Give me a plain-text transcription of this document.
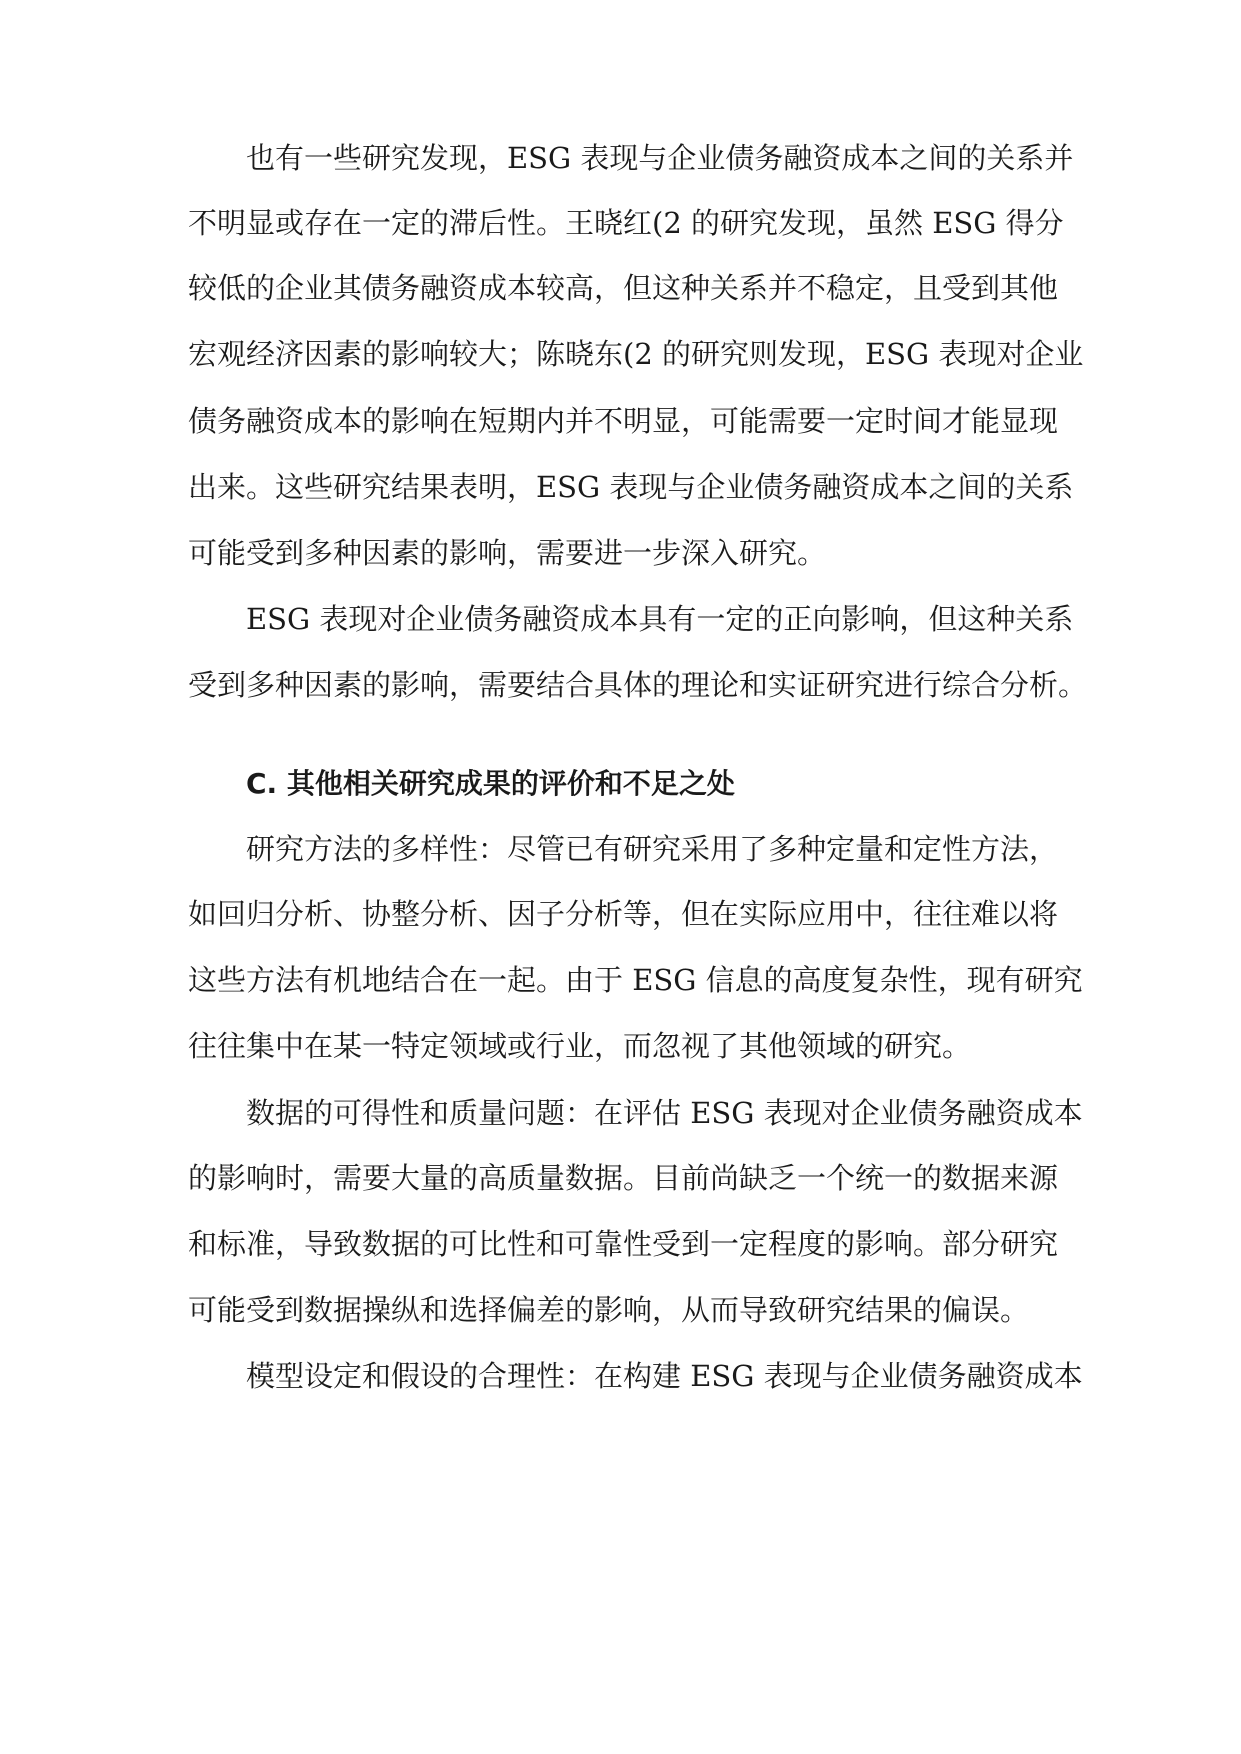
也有一些研究发现，ESG 表现与企业债务融资成本之间的关系并
不明显或存在一定的滞后性。王晓红(2 的研究发现，虽然 ESG 得分
较低的企业其债务融资成本较高，但这种关系并不稳定，且受到其他
宏观经济因素的影响较大；陈晓东(2 的研究则发现，ESG 表现对企业
债务融资成本的影响在短期内并不明显，可能需要一定时间才能显现
出来。这些研究结果表明，ESG 表现与企业债务融资成本之间的关系
可能受到多种因素的影响，需要进一步深入研究。
ESG 表现对企业债务融资成本具有一定的正向影响，但这种关系
受到多种因素的影响，需要结合具体的理论和实证研究进行综合分析。
C. 其他相关研究成果的评价和不足之处
研究方法的多样性：尽管已有研究采用了多种定量和定性方法，
如回归分析、协整分析、因子分析等，但在实际应用中，往往难以将
这些方法有机地结合在一起。由于 ESG 信息的高度复杂性，现有研究
往往集中在某一特定领域或行业，而忽视了其他领域的研究。
数据的可得性和质量问题：在评估 ESG 表现对企业债务融资成本
的影响时，需要大量的高质量数据。目前尚缺乏一个统一的数据来源
和标准，导致数据的可比性和可靠性受到一定程度的影响。部分研究
可能受到数据操纵和选择偏差的影响，从而导致研究结果的偏误。
模型设定和假设的合理性：在构建 ESG 表现与企业债务融资成本
